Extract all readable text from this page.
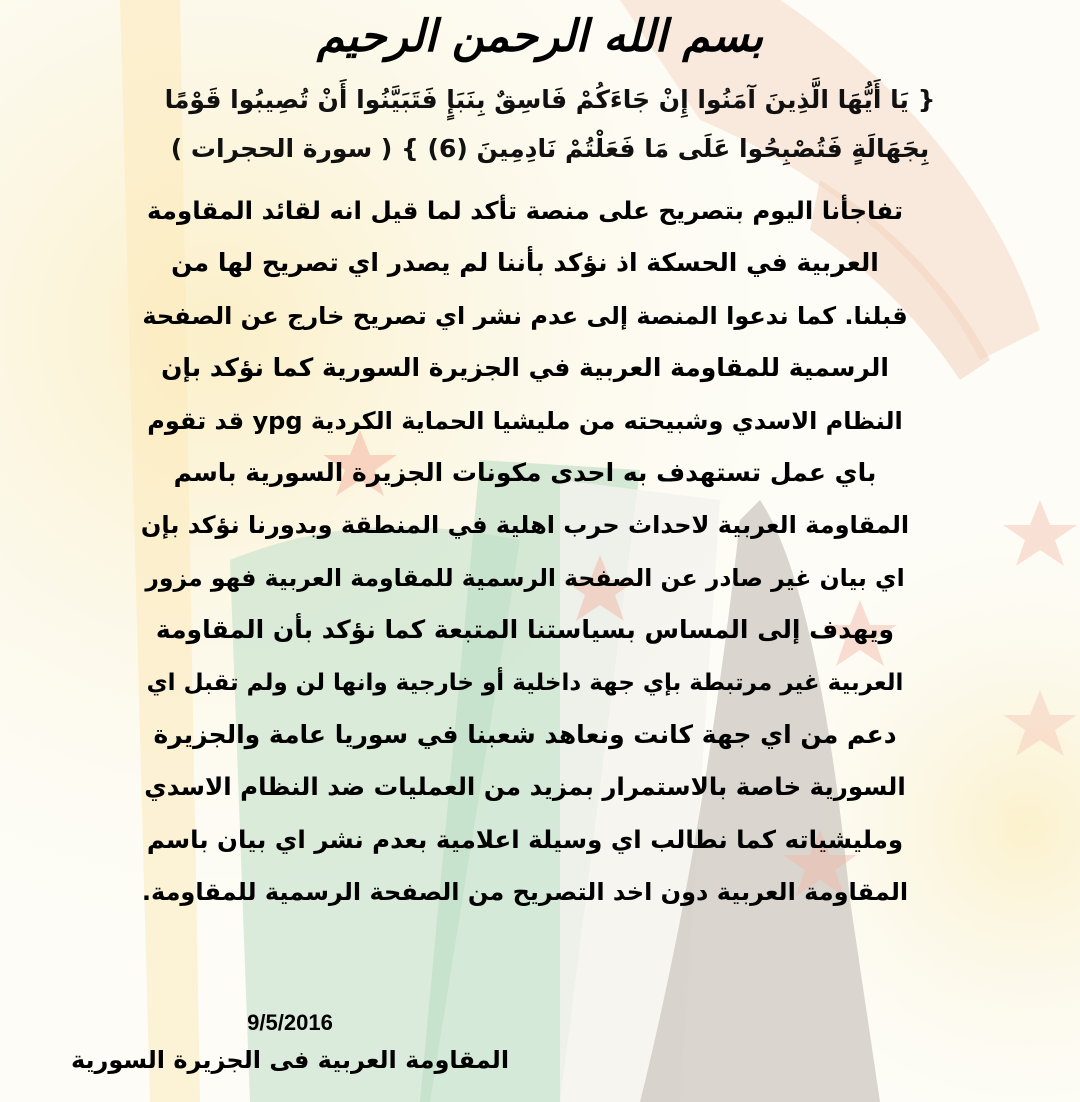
بسم الله الرحمن الرحيم
{ يَا أَيُّهَا الَّذِينَ آمَنُوا إِنْ جَاءَكُمْ فَاسِقٌ بِنَبَإٍ فَتَبَيَّنُوا أَنْ تُصِيبُوا قَوْمًا
بِجَهَالَةٍ فَتُصْبِحُوا عَلَى مَا فَعَلْتُمْ نَادِمِينَ (6) } ( سورة الحجرات )
تفاجأنا اليوم بتصريح على منصة تأكد لما قيل انه لقائد المقاومة
العربية في الحسكة اذ نؤكد بأننا لم يصدر اي تصريح لها من
قبلنا. كما ندعوا المنصة إلى عدم نشر اي تصريح خارج عن الصفحة
الرسمية للمقاومة العربية في الجزيرة السورية كما نؤكد بإن
النظام الاسدي وشبيحته من مليشيا الحماية الكردية ypg قد تقوم
باي عمل تستهدف به احدى مكونات الجزيرة السورية باسم
المقاومة العربية لاحداث حرب اهلية في المنطقة وبدورنا نؤكد بإن
اي بيان غير صادر عن الصفحة الرسمية للمقاومة العربية فهو مزور
ويهدف إلى المساس بسياستنا المتبعة كما نؤكد بأن المقاومة
العربية غير مرتبطة بإي جهة داخلية أو خارجية وانها لن ولم تقبل اي
دعم من اي جهة كانت ونعاهد شعبنا في سوريا عامة والجزيرة
السورية خاصة بالاستمرار بمزيد من العمليات ضد النظام الاسدي
ومليشياته كما نطالب اي وسيلة اعلامية بعدم نشر اي بيان باسم
المقاومة العربية دون اخد التصريح من الصفحة الرسمية للمقاومة.
9/5/2016
المقاومة العربية فى الجزيرة السورية
